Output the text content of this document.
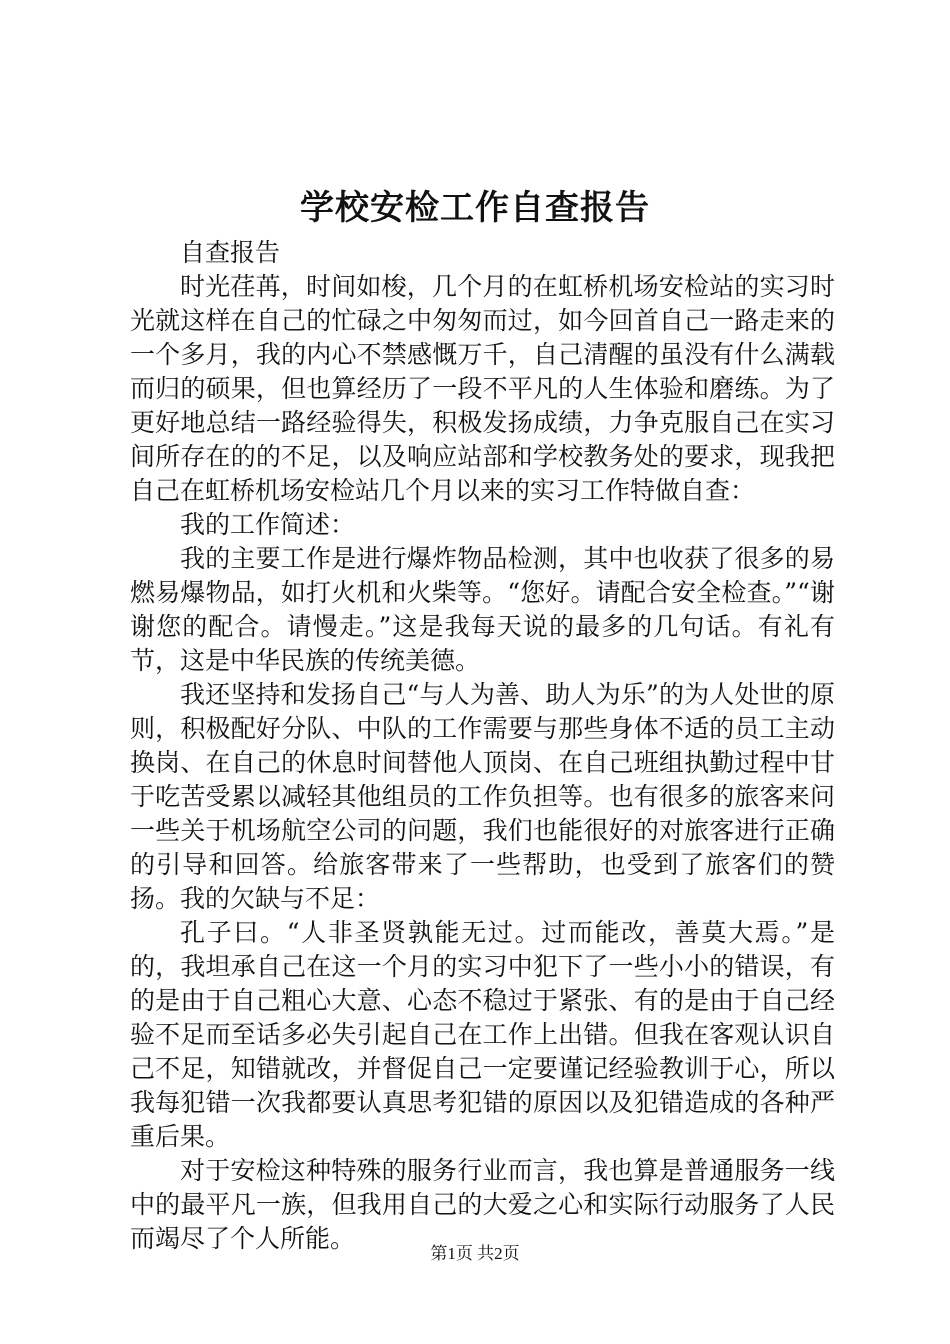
学校安检工作自查报告

自查报告

时光荏苒，时间如梭，几个月的在虹桥机场安检站的实习时光就这样在自己的忙碌之中匆匆而过，如今回首自己一路走来的一个多月，我的内心不禁感慨万千，自己清醒的虽没有什么满载而归的硕果，但也算经历了一段不平凡的人生体验和磨练。为了更好地总结一路经验得失，积极发扬成绩，力争克服自己在实习间所存在的的不足，以及响应站部和学校教务处的要求，现我把自己在虹桥机场安检站几个月以来的实习工作特做自查：

我的工作简述：

我的主要工作是进行爆炸物品检测，其中也收获了很多的易燃易爆物品，如打火机和火柴等。“您好。请配合安全检查。”“谢谢您的配合。请慢走。”这是我每天说的最多的几句话。有礼有节，这是中华民族的传统美德。

我还坚持和发扬自己“与人为善、助人为乐”的为人处世的原则，积极配好分队、中队的工作需要与那些身体不适的员工主动换岗、在自己的休息时间替他人顶岗、在自己班组执勤过程中甘于吃苦受累以减轻其他组员的工作负担等。也有很多的旅客来问一些关于机场航空公司的问题，我们也能很好的对旅客进行正确的引导和回答。给旅客带来了一些帮助，也受到了旅客们的赞扬。我的欠缺与不足：

孔子曰。“人非圣贤孰能无过。过而能改，善莫大焉。”是的，我坦承自己在这一个月的实习中犯下了一些小小的错误，有的是由于自己粗心大意、心态不稳过于紧张、有的是由于自己经验不足而至话多必失引起自己在工作上出错。但我在客观认识自己不足，知错就改，并督促自己一定要谨记经验教训于心，所以我每犯错一次我都要认真思考犯错的原因以及犯错造成的各种严重后果。

对于安检这种特殊的服务行业而言，我也算是普通服务一线中的最平凡一族，但我用自己的大爱之心和实际行动服务了人民而竭尽了个人所能。

第1页 共2页
